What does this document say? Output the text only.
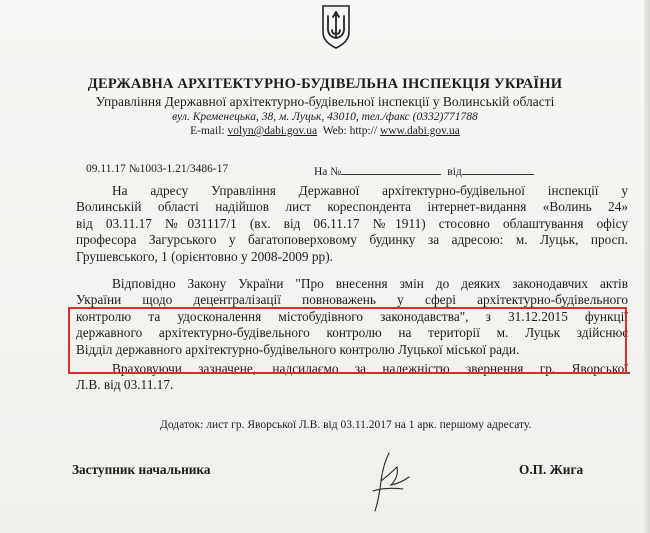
ДЕРЖАВНА АРХІТЕКТУРНО-БУДІВЕЛЬНА ІНСПЕКЦІЯ УКРАЇНИ
Управління Державної архітектурно-будівельної інспекції у Волинській області
вул. Кременецька, 38, м. Луцьк, 43010, тел./факс (0332)771788
E-mail: volyn@dabi.gov.ua  Web: http:// www.dabi.gov.ua
09.11.17 №1003-1.21/3486-17	На №	від

На адресу Управління Державної архітектурно-будівельної інспекції у
Волинській області надійшов лист кореспондента інтернет-видання «Волинь 24»
від 03.11.17 №031117/1 (вх. від 06.11.17 №1911) стосовно облаштування офісу
професора Загурського у багатоповерховому будинку за адресою: м. Луцьк, просп.
Грушевського, 1 (орієнтовно у 2008-2009 рр).

Відповідно Закону України "Про внесення змін до деяких законодавчих актів
України щодо децентралізації повноважень у сфері архітектурно-будівельного
контролю та удосконалення містобудівного законодавства", з 31.12.2015 функції
державного архітектурно-будівельного контролю на території м. Луцьк здійснює
Відділ державного архітектурно-будівельного контролю Луцької міської ради.

Враховуючи зазначене, надсилаємо за належністю звернення гр. Яворської
Л.В. від 03.11.17.

Додаток: лист гр. Яворської Л.В. від 03.11.2017 на 1 арк. першому адресату.
Заступник начальника	О.П. Жига
